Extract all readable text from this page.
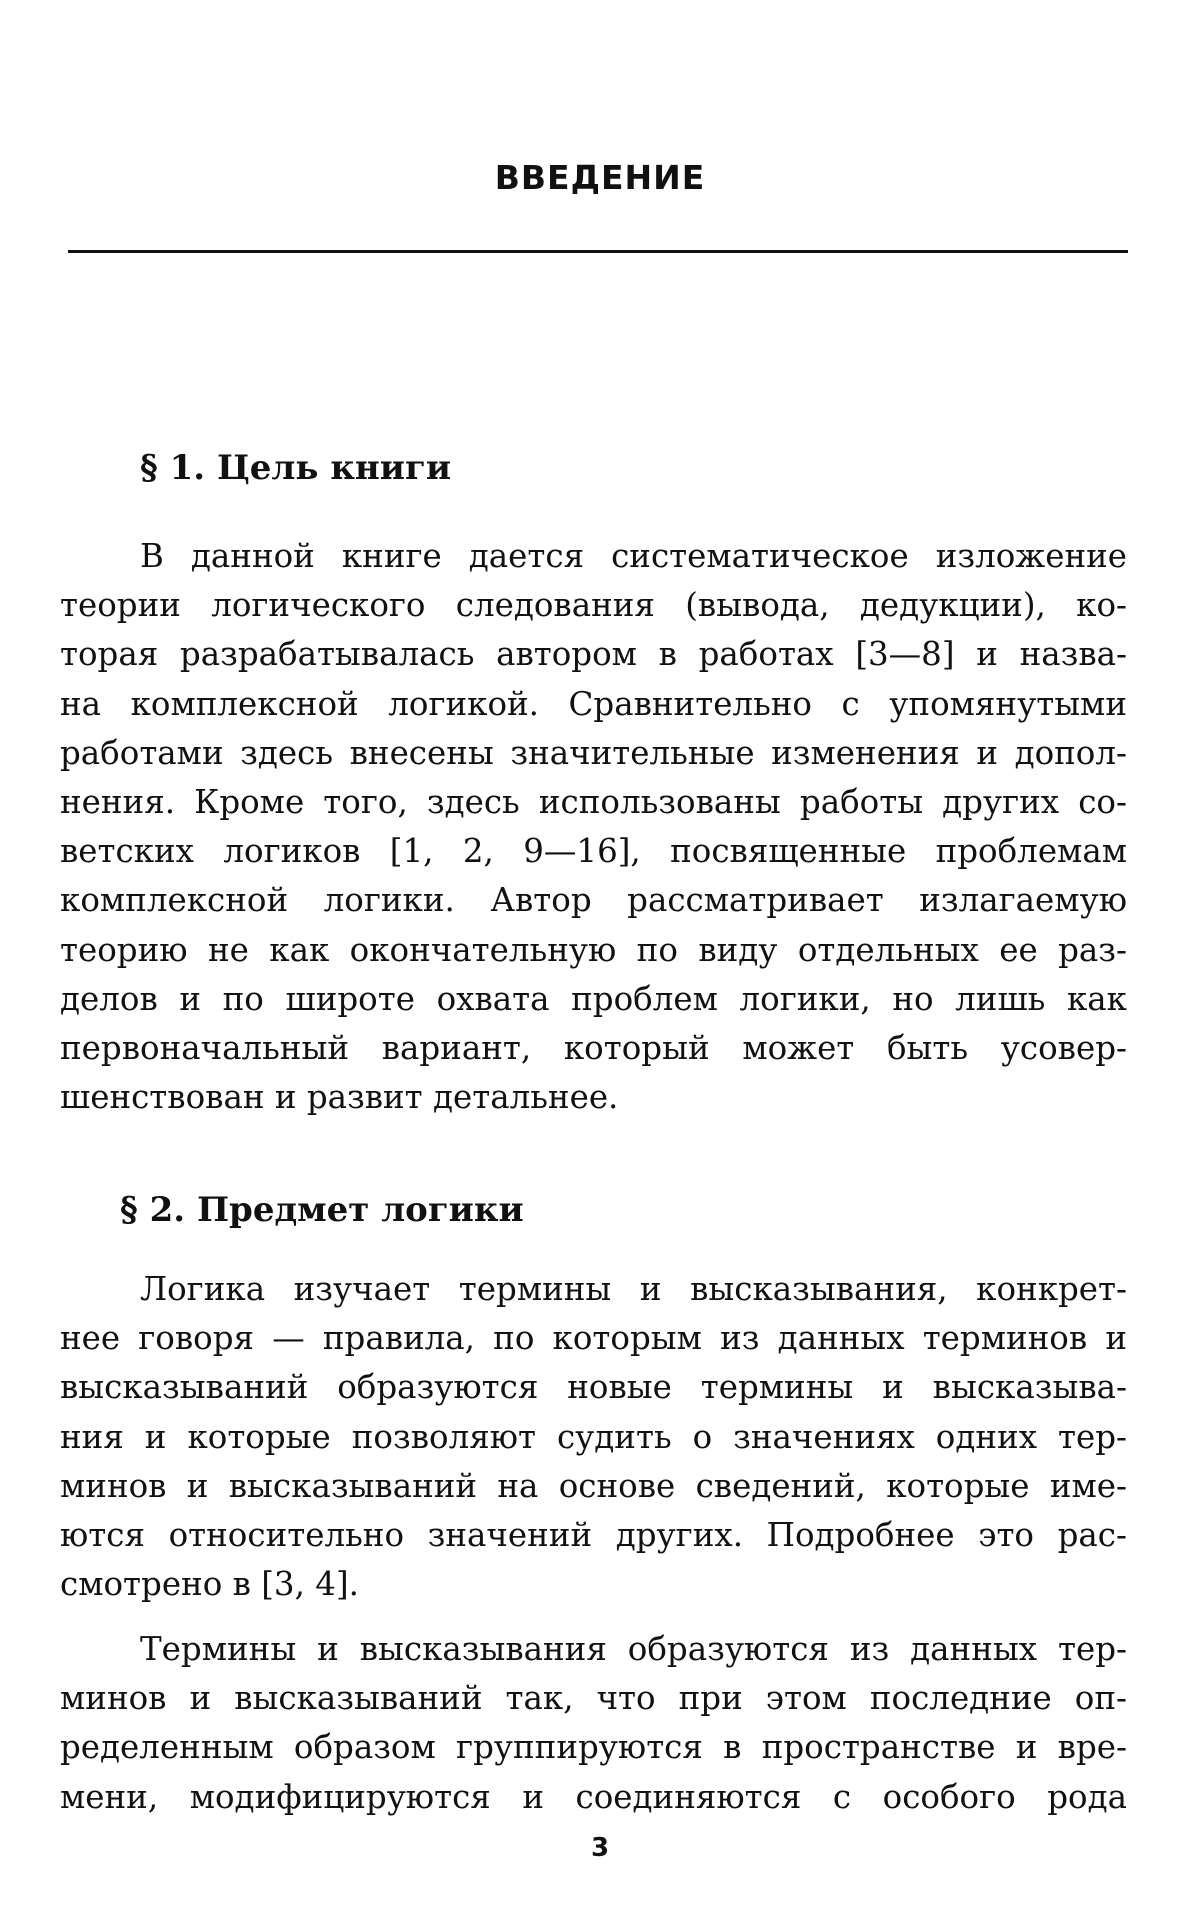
ВВЕДЕНИЕ
§ 1. Цель книги
В данной книге дается систематическое изложение
теории логического следования (вывода, дедукции), ко-
торая разрабатывалась автором в работах [3—8] и назва-
на комплексной логикой. Сравнительно с упомянутыми
работами здесь внесены значительные изменения и допол-
нения. Кроме того, здесь использованы работы других со-
ветских логиков [1, 2, 9—16], посвященные проблемам
комплексной логики. Автор рассматривает излагаемую
теорию не как окончательную по виду отдельных ее раз-
делов и по широте охвата проблем логики, но лишь как
первоначальный вариант, который может быть усовер-
шенствован и развит детальнее.
§ 2. Предмет логики
Логика изучает термины и высказывания, конкрет-
нее говоря — правила, по которым из данных терминов и
высказываний образуются новые термины и высказыва-
ния и которые позволяют судить о значениях одних тер-
минов и высказываний на основе сведений, которые име-
ются относительно значений других. Подробнее это рас-
смотрено в [3, 4].
Термины и высказывания образуются из данных тер-
минов и высказываний так, что при этом последние оп-
ределенным образом группируются в пространстве и вре-
мени, модифицируются и соединяются с особого рода
3
